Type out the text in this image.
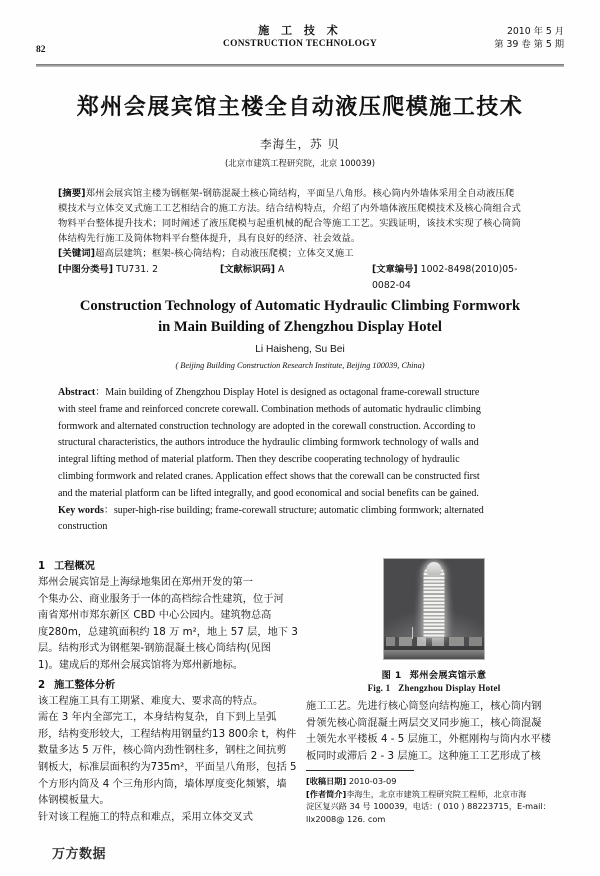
82
施 工 技 术
CONSTRUCTION TECHNOLOGY
2010 年 5 月
第 39 卷 第 5 期
郑州会展宾馆主楼全自动液压爬模施工技术
李海生，苏 贝
(北京市建筑工程研究院，北京 100039)
[摘要]郑州会展宾馆主楼为钢框架-钢筋混凝土核心筒结构，平面呈八角形。核心筒内外墙体采用全自动液压爬
模技术与立体交叉式施工工艺相结合的施工方法。结合结构特点，介绍了内外墙体液压爬模技术及核心筒组合式
物料平台整体提升技术；同时阐述了液压爬模与起重机械的配合等施工工艺。实践证明，该技术实现了核心筒筒
体结构先行施工及筒体物料平台整体提升，具有良好的经济、社会效益。
[关键词]超高层建筑；框架-核心筒结构；自动液压爬模；立体交叉施工
[中图分类号] TU731. 2	[文献标识码] A	[文章编号] 1002-8498(2010)05-0082-04
Construction Technology of Automatic Hydraulic Climbing Formwork
in Main Building of Zhengzhou Display Hotel
Li Haisheng, Su Bei
( Beijing Building Construction Research Institute, Beijing 100039, China)
Abstract：Main building of Zhengzhou Display Hotel is designed as octagonal frame-corewall structure
with steel frame and reinforced concrete corewall. Combination methods of automatic hydraulic climbing
formwork and alternated construction technology are adopted in the corewall construction. According to
structural characteristics, the authors introduce the hydraulic climbing formwork technology of walls and
integral lifting method of material platform. Then they describe cooperating technology of hydraulic
climbing formwork and related cranes. Application effect shows that the corewall can be constructed first
and the material platform can be lifted integrally, and good economical and social benefits can be gained.
Key words：super-high-rise building; frame-corewall structure; automatic climbing formwork; alternated
construction
1 工程概况
郑州会展宾馆是上海绿地集团在郑州开发的第一
个集办公、商业服务于一体的高档综合性建筑，位于河
南省郑州市郑东新区 CBD 中心公园内。建筑物总高
度280m，总建筑面积约 18 万 m²，地上 57 层，地下 3
层。结构形式为钢框架-钢筋混凝土核心筒结构(见图
1)。建成后的郑州会展宾馆将为郑州新地标。
2 施工整体分析
该工程施工具有工期紧、难度大、要求高的特点。
需在 3 年内全部完工，本身结构复杂，自下到上呈弧
形，结构变形较大，工程结构用钢量约13 800余 t，构件
数量多达 5 万件，核心筒内劲性钢柱多，钢柱之间抗剪
钢板大，标准层面积约为735m²，平面呈八角形，包括 5
个方形内筒及 4 个三角形内筒，墙体厚度变化频繁，墙
体钢模板量大。
针对该工程施工的特点和难点，采用立体交叉式
图 1 郑州会展宾馆示意
Fig. 1 Zhengzhou Display Hotel
施工工艺。先进行核心筒竖向结构施工，核心筒内钢
骨领先核心筒混凝土两层交叉同步施工，核心筒混凝
土领先水平楼板 4 - 5 层施工，外框刚构与筒内水平楼
板同时或滞后 2 - 3 层施工。这种施工工艺形成了核
[收稿日期] 2010-03-09
[作者简介]李海生，北京市建筑工程研究院工程师，北京市海
淀区复兴路 34 号 100039，电话：( 010 ) 88223715，E-mail：
llx2008@ 126. com
万方数据
